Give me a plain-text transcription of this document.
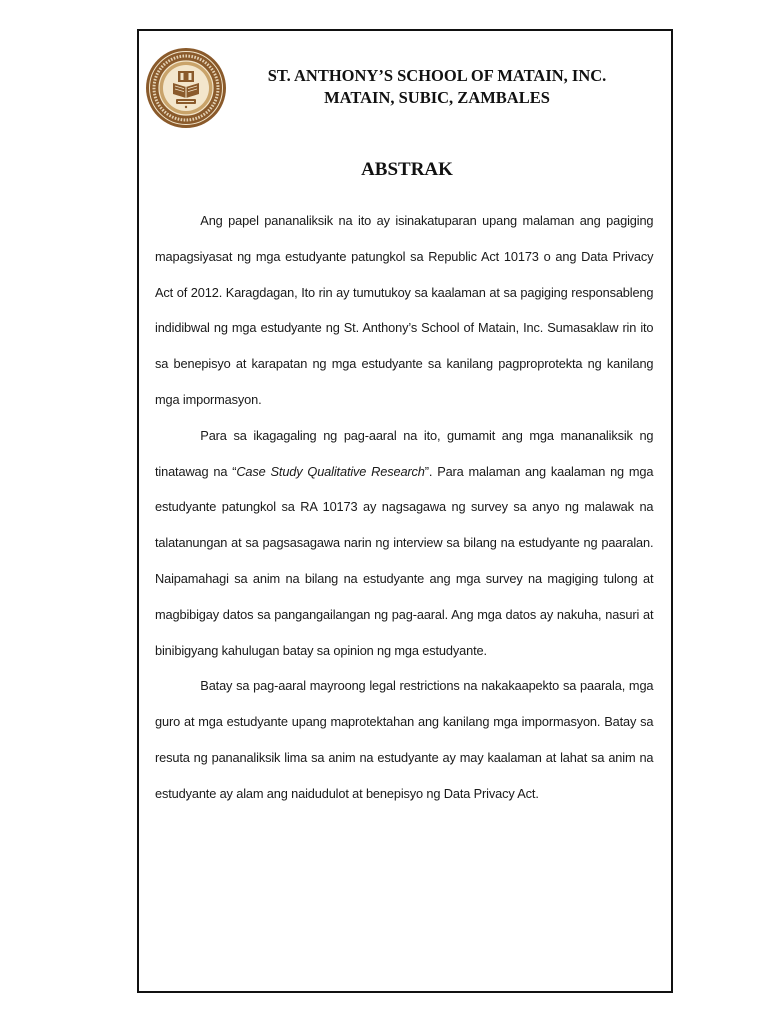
ST. ANTHONY’S SCHOOL OF MATAIN, INC.
MATAIN, SUBIC, ZAMBALES
ABSTRAK

Ang papel pananaliksik na ito ay isinakatuparan upang malaman ang pagiging mapagsiyasat ng mga estudyante patungkol sa Republic Act 10173 o ang Data Privacy Act of 2012. Karagdagan, Ito rin ay tumutukoy sa kaalaman at sa pagiging responsableng indidibwal ng mga estudyante ng St. Anthony’s School of Matain, Inc. Sumasaklaw rin ito sa benepisyo at karapatan ng mga estudyante sa kanilang pagproprotekta ng kanilang mga impormasyon.

Para sa ikagagaling ng pag-aaral na ito, gumamit ang mga mananaliksik ng tinatawag na “Case Study Qualitative Research”. Para malaman ang kaalaman ng mga estudyante patungkol sa RA 10173 ay nagsagawa ng survey sa anyo ng malawak na talatanungan at sa pagsasagawa narin ng interview sa bilang na estudyante ng paaralan. Naipamahagi sa anim na bilang na estudyante ang mga survey na magiging tulong at magbibigay datos sa pangangailangan ng pag-aaral. Ang mga datos ay nakuha, nasuri at binibigyang kahulugan batay sa opinion ng mga estudyante.

Batay sa pag-aaral mayroong legal restrictions na nakakaapekto sa paarala, mga guro at mga estudyante upang maprotektahan ang kanilang mga impormasyon. Batay sa resuta ng pananaliksik lima sa anim na estudyante ay may kaalaman at lahat sa anim na estudyante ay alam ang naidudulot at benepisyo ng Data Privacy Act.
